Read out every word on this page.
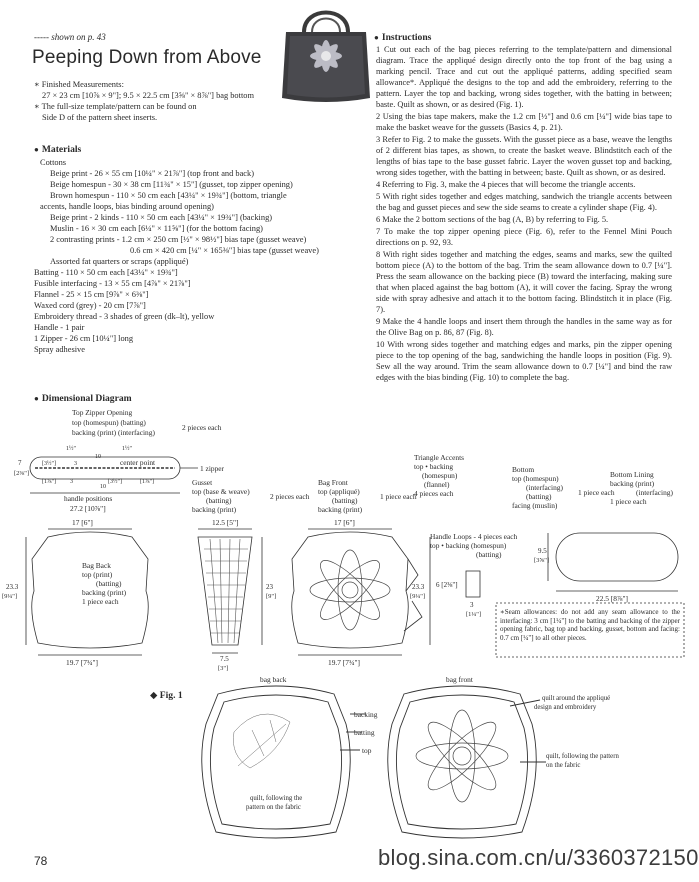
----- shown on p. 43
Peeping Down from Above
∗ Finished Measurements:
27 × 23 cm [10⅞ × 9"]; 9.5 × 22.5 cm [3⅝" × 8⅞"] bag bottom
∗ The full-size template/pattern can be found on
Side D of the pattern sheet inserts.
● Materials
Cottons
Beige print - 26 × 55 cm [10¼" × 21⅞"] (top front and back)
Beige homespun - 30 × 38 cm [11¾" × 15"] (gusset, top zipper opening)
Brown homespun - 110 × 50 cm each [43¼" × 19¾"] (bottom, triangle
accents, handle loops, bias binding around opening)
Beige print - 2 kinds - 110 × 50 cm each [43¼" × 19¾"] (backing)
Muslin - 16 × 30 cm each [6¼" × 11⅝"] (for the bottom facing)
2 contrasting prints - 1.2 cm × 250 cm [½" × 98½"] bias tape (gusset weave)
0.6 cm × 420 cm [¼" × 165⅜"] bias tape (gusset weave)
Assorted fat quarters or scraps (appliqué)
Batting - 110 × 50 cm each [43¼" × 19¾"]
Fusible interfacing - 13 × 55 cm [4⅞" × 21⅞"]
Flannel - 25 × 15 cm [9⅞" × 6⅜"]
Waxed cord (grey) - 20 cm [7⅞"]
Embroidery thread - 3 shades of green (dk–lt), yellow
Handle - 1 pair
1 Zipper - 26 cm [10¼"] long
Spray adhesive
● Instructions

1 Cut out each of the bag pieces referring to the template/pattern and dimensional diagram. Trace the appliqué design directly onto the top front of the bag using a marking pencil. Trace and cut out the appliqué patterns, adding specified seam allowance*. Appliqué the designs to the top and add the embroidery, referring to the pattern. Layer the top and backing, wrong sides together, with the batting in between; baste. Quilt as shown, or as desired (Fig. 1).

2 Using the bias tape makers, make the 1.2 cm [½"] and 0.6 cm [¼"] wide bias tape to make the basket weave for the gussets (Basics 4, p. 21).

3 Refer to Fig. 2 to make the gussets. With the gusset piece as a base, weave the lengths of 2 different bias tapes, as shown, to create the basket weave. Blindstitch each of the lengths of bias tape to the base gusset fabric. Layer the woven gusset top and backing, wrong sides together, with the batting in between; baste. Quilt as shown, or as desired.

4 Referring to Fig. 3, make the 4 pieces that will become the triangle accents.

5 With right sides together and edges matching, sandwich the triangle accents between the bag and gusset pieces and sew the side seams to create a cylinder shape (Fig. 4).

6 Make the 2 bottom sections of the bag (A, B) by referring to Fig. 5.

7 To make the top zipper opening piece (Fig. 6), refer to the Fennel Mini Pouch directions on p. 92, 93.

8 With right sides together and matching the edges, seams and marks, sew the quilted bottom piece (A) to the bottom of the bag. Trim the seam allowance down to 0.7 [¼"]. Press the seam allowance on the backing piece (B) toward the interfacing, making sure that when placed against the bag bottom (A), it will cover the facing. Spray the wrong side with spray adhesive and attach it to the bottom facing. Blindstitch it in place (Fig. 7).

9 Make the 4 handle loops and insert them through the handles in the same way as for the Olive Bag on p. 86, 87 (Fig. 8).

10 With wrong sides together and matching edges and marks, pin the zipper opening piece to the top opening of the bag, sandwiching the handle loops in position (Fig. 9). Sew all the way around. Trim the seam allowance down to 0.7 [¼"] and bind the raw edges with the bias binding (Fig. 10) to complete the bag.

● Dimensional Diagram
Top Zipper Opening
top (homespun) (batting)
backing (print) (interfacing)
2 pieces each
7
[2⅜"]
1½"	1½"
10
[3½"]	3
10
[1⅞"] 3	[1⅞"]
[3½"]
center point
1 zipper
handle positions
27.2 [10⅞"]
17 [6"]
Bag Back
top (print)
(batting)
backing (print)
1 piece each
23.3
[9¼"]
19.7 [7¾"]
Gusset
top (base & weave)
(batting)
backing (print)
2 pieces each
12.5 [5"]
23
[9"]
7.5
[3"]
Bag Front
top (appliqué)
(batting)
backing (print)
1 piece each
17 [6"]
23.3
[9¼"]
19.7 [7¾"]
Triangle Accents
top • backing
(homespun)
(flannel)
4 pieces each
Bottom
top (homespun)
(interfacing)
(batting)
facing (muslin)
1 piece each
Bottom Lining
backing (print)
(interfacing)
1 piece each
9.5
[3⅝"]
22.5 [8⅞"]
Handle Loops - 4 pieces each
top • backing (homespun)
(batting)
6 [2⅜"]
3
[1¼"]	∗Seam allowances: do not add any seam allowance to the interfacing: 3 cm [1¼"] to the batting and backing of the zipper opening fabric, bag top and backing, gusset, bottom and facing: 0.7 cm [¼"] to all other pieces.
◆ Fig. 1
bag back	bag front
backing
batting
top
quilt, following the
pattern on the fabric
quilt around the appliqué
design and embroidery
quilt, following the pattern
on the fabric
78	blog.sina.com.cn/u/3360372150
